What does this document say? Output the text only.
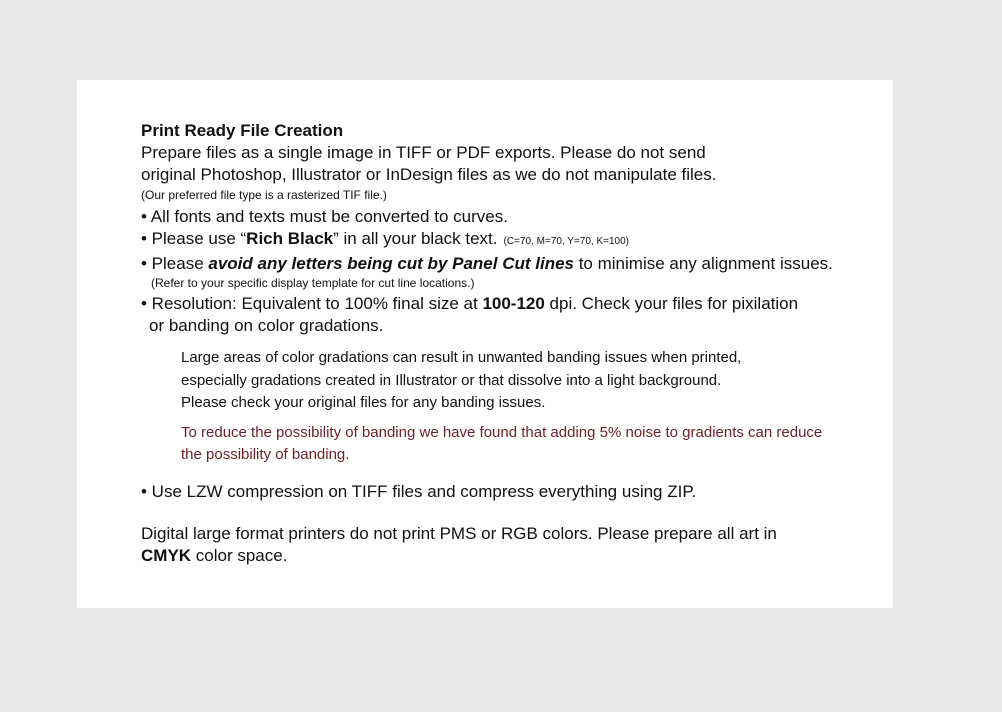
Print Ready File Creation

Prepare files as a single image in TIFF or PDF exports. Please do not send
original Photoshop, Illustrator or InDesign files as we do not manipulate files.

(Our preferred file type is a rasterized TIF file.)

• All fonts and texts must be converted to curves.

• Please use “Rich Black” in all your black text. (C=70, M=70, Y=70, K=100)

• Please avoid any letters being cut by Panel Cut lines to minimise any alignment issues.

(Refer to your specific display template for cut line locations.)

• Resolution: Equivalent to 100% final size at 100-120 dpi. Check your files for pixilation
or banding on color gradations.

Large areas of color gradations can result in unwanted banding issues when printed,

especially gradations created in Illustrator or that dissolve into a light background.

Please check your original files for any banding issues.

To reduce the possibility of banding we have found that adding 5% noise to gradients can reduce

the possibility of banding.

• Use LZW compression on TIFF files and compress everything using ZIP.

Digital large format printers do not print PMS or RGB colors. Please prepare all art in

CMYK color space.
